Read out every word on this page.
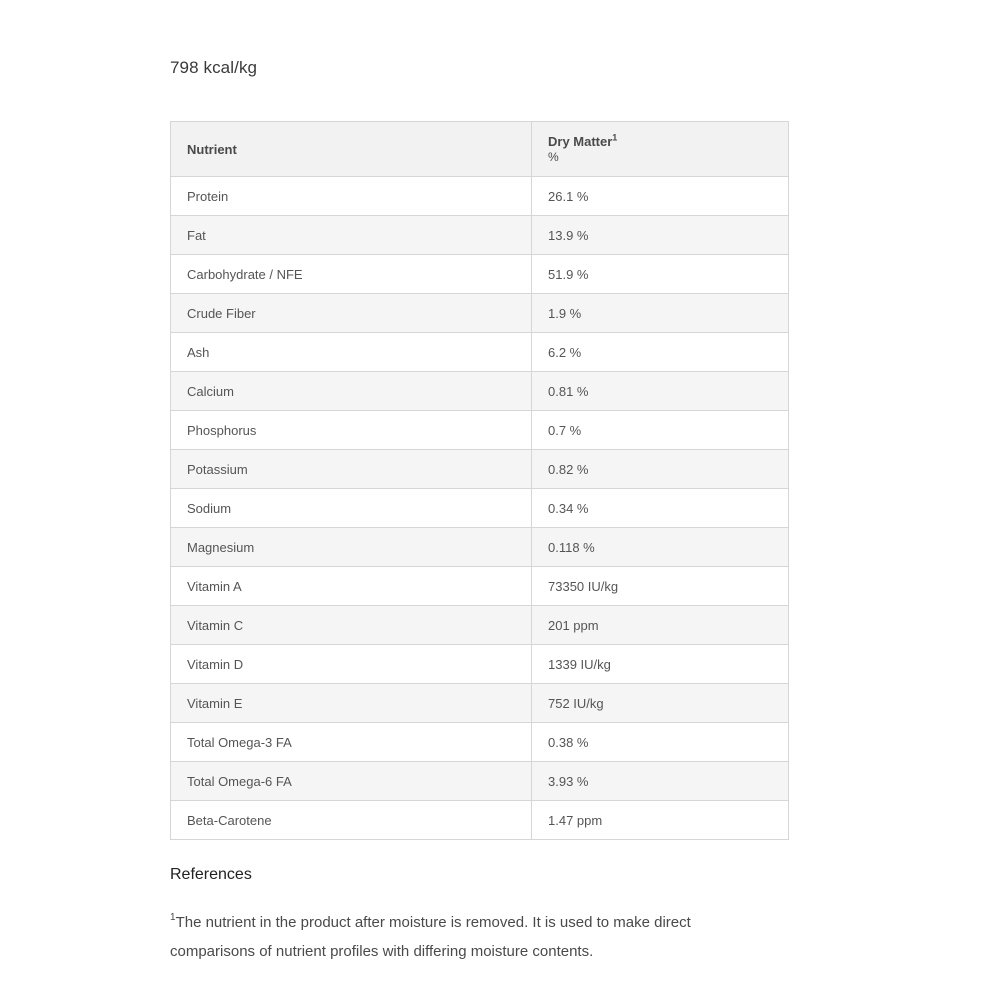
798 kcal/kg
Nutrient	Dry Matter$^1$
%

Protein	26.1 %
Fat	13.9 %
Carbohydrate / NFE	51.9 %
Crude Fiber	1.9 %
Ash	6.2 %
Calcium	0.81 %
Phosphorus	0.7 %
Potassium	0.82 %
Sodium	0.34 %
Magnesium	0.118 %
Vitamin A	73350 IU/kg
Vitamin C	201 ppm
Vitamin D	1339 IU/kg
Vitamin E	752 IU/kg
Total Omega-3 FA	0.38 %
Total Omega-6 FA	3.93 %
Beta-Carotene	1.47 ppm
References

$^1$The nutrient in the product after moisture is removed. It is used to make direct comparisons of nutrient profiles with differing moisture contents.
